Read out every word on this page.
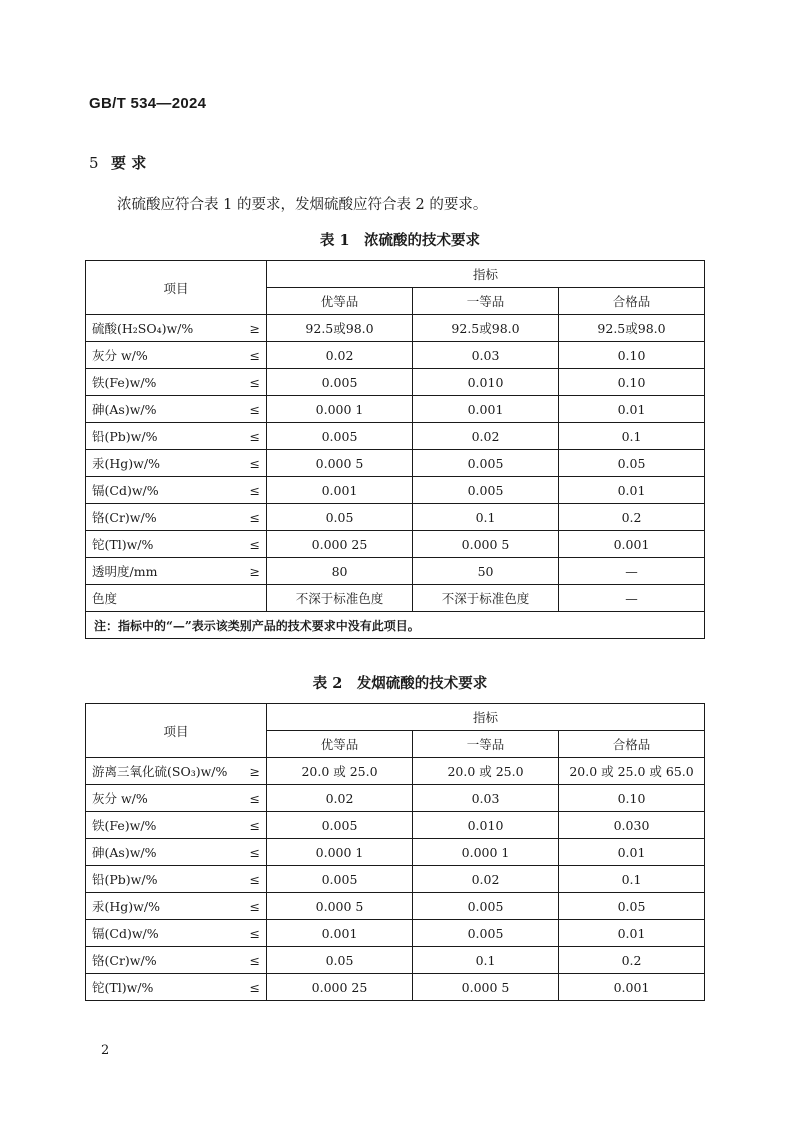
GB/T 534—2024
5 要 求
浓硫酸应符合表 1 的要求，发烟硫酸应符合表 2 的要求。
表 1　浓硫酸的技术要求
项目		指标		
		优等品	一等品	合格品
硫酸(H₂SO₄)w/%	≥	92.5或98.0	92.5或98.0	92.5或98.0
灰分 w/%	≤	0.02	0.03	0.10
铁(Fe)w/%	≤	0.005	0.010	0.10
砷(As)w/%	≤	0.000 1	0.001	0.01
铅(Pb)w/%	≤	0.005	0.02	0.1
汞(Hg)w/%	≤	0.000 5	0.005	0.05
镉(Cd)w/%	≤	0.001	0.005	0.01
铬(Cr)w/%	≤	0.05	0.1	0.2
铊(Tl)w/%	≤	0.000 25	0.000 5	0.001
透明度/mm	≥	80	50	—
色度		不深于标准色度	不深于标准色度	—
注：指标中的“—”表示该类别产品的技术要求中没有此项目。				
表 2　发烟硫酸的技术要求
项目		指标		
		优等品	一等品	合格品
游离三氧化硫(SO₃)w/%	≥	20.0 或 25.0	20.0 或 25.0	20.0 或 25.0 或 65.0
灰分 w/%	≤	0.02	0.03	0.10
铁(Fe)w/%	≤	0.005	0.010	0.030
砷(As)w/%	≤	0.000 1	0.000 1	0.01
铅(Pb)w/%	≤	0.005	0.02	0.1
汞(Hg)w/%	≤	0.000 5	0.005	0.05
镉(Cd)w/%	≤	0.001	0.005	0.01
铬(Cr)w/%	≤	0.05	0.1	0.2
铊(Tl)w/%	≤	0.000 25	0.000 5	0.001
2
